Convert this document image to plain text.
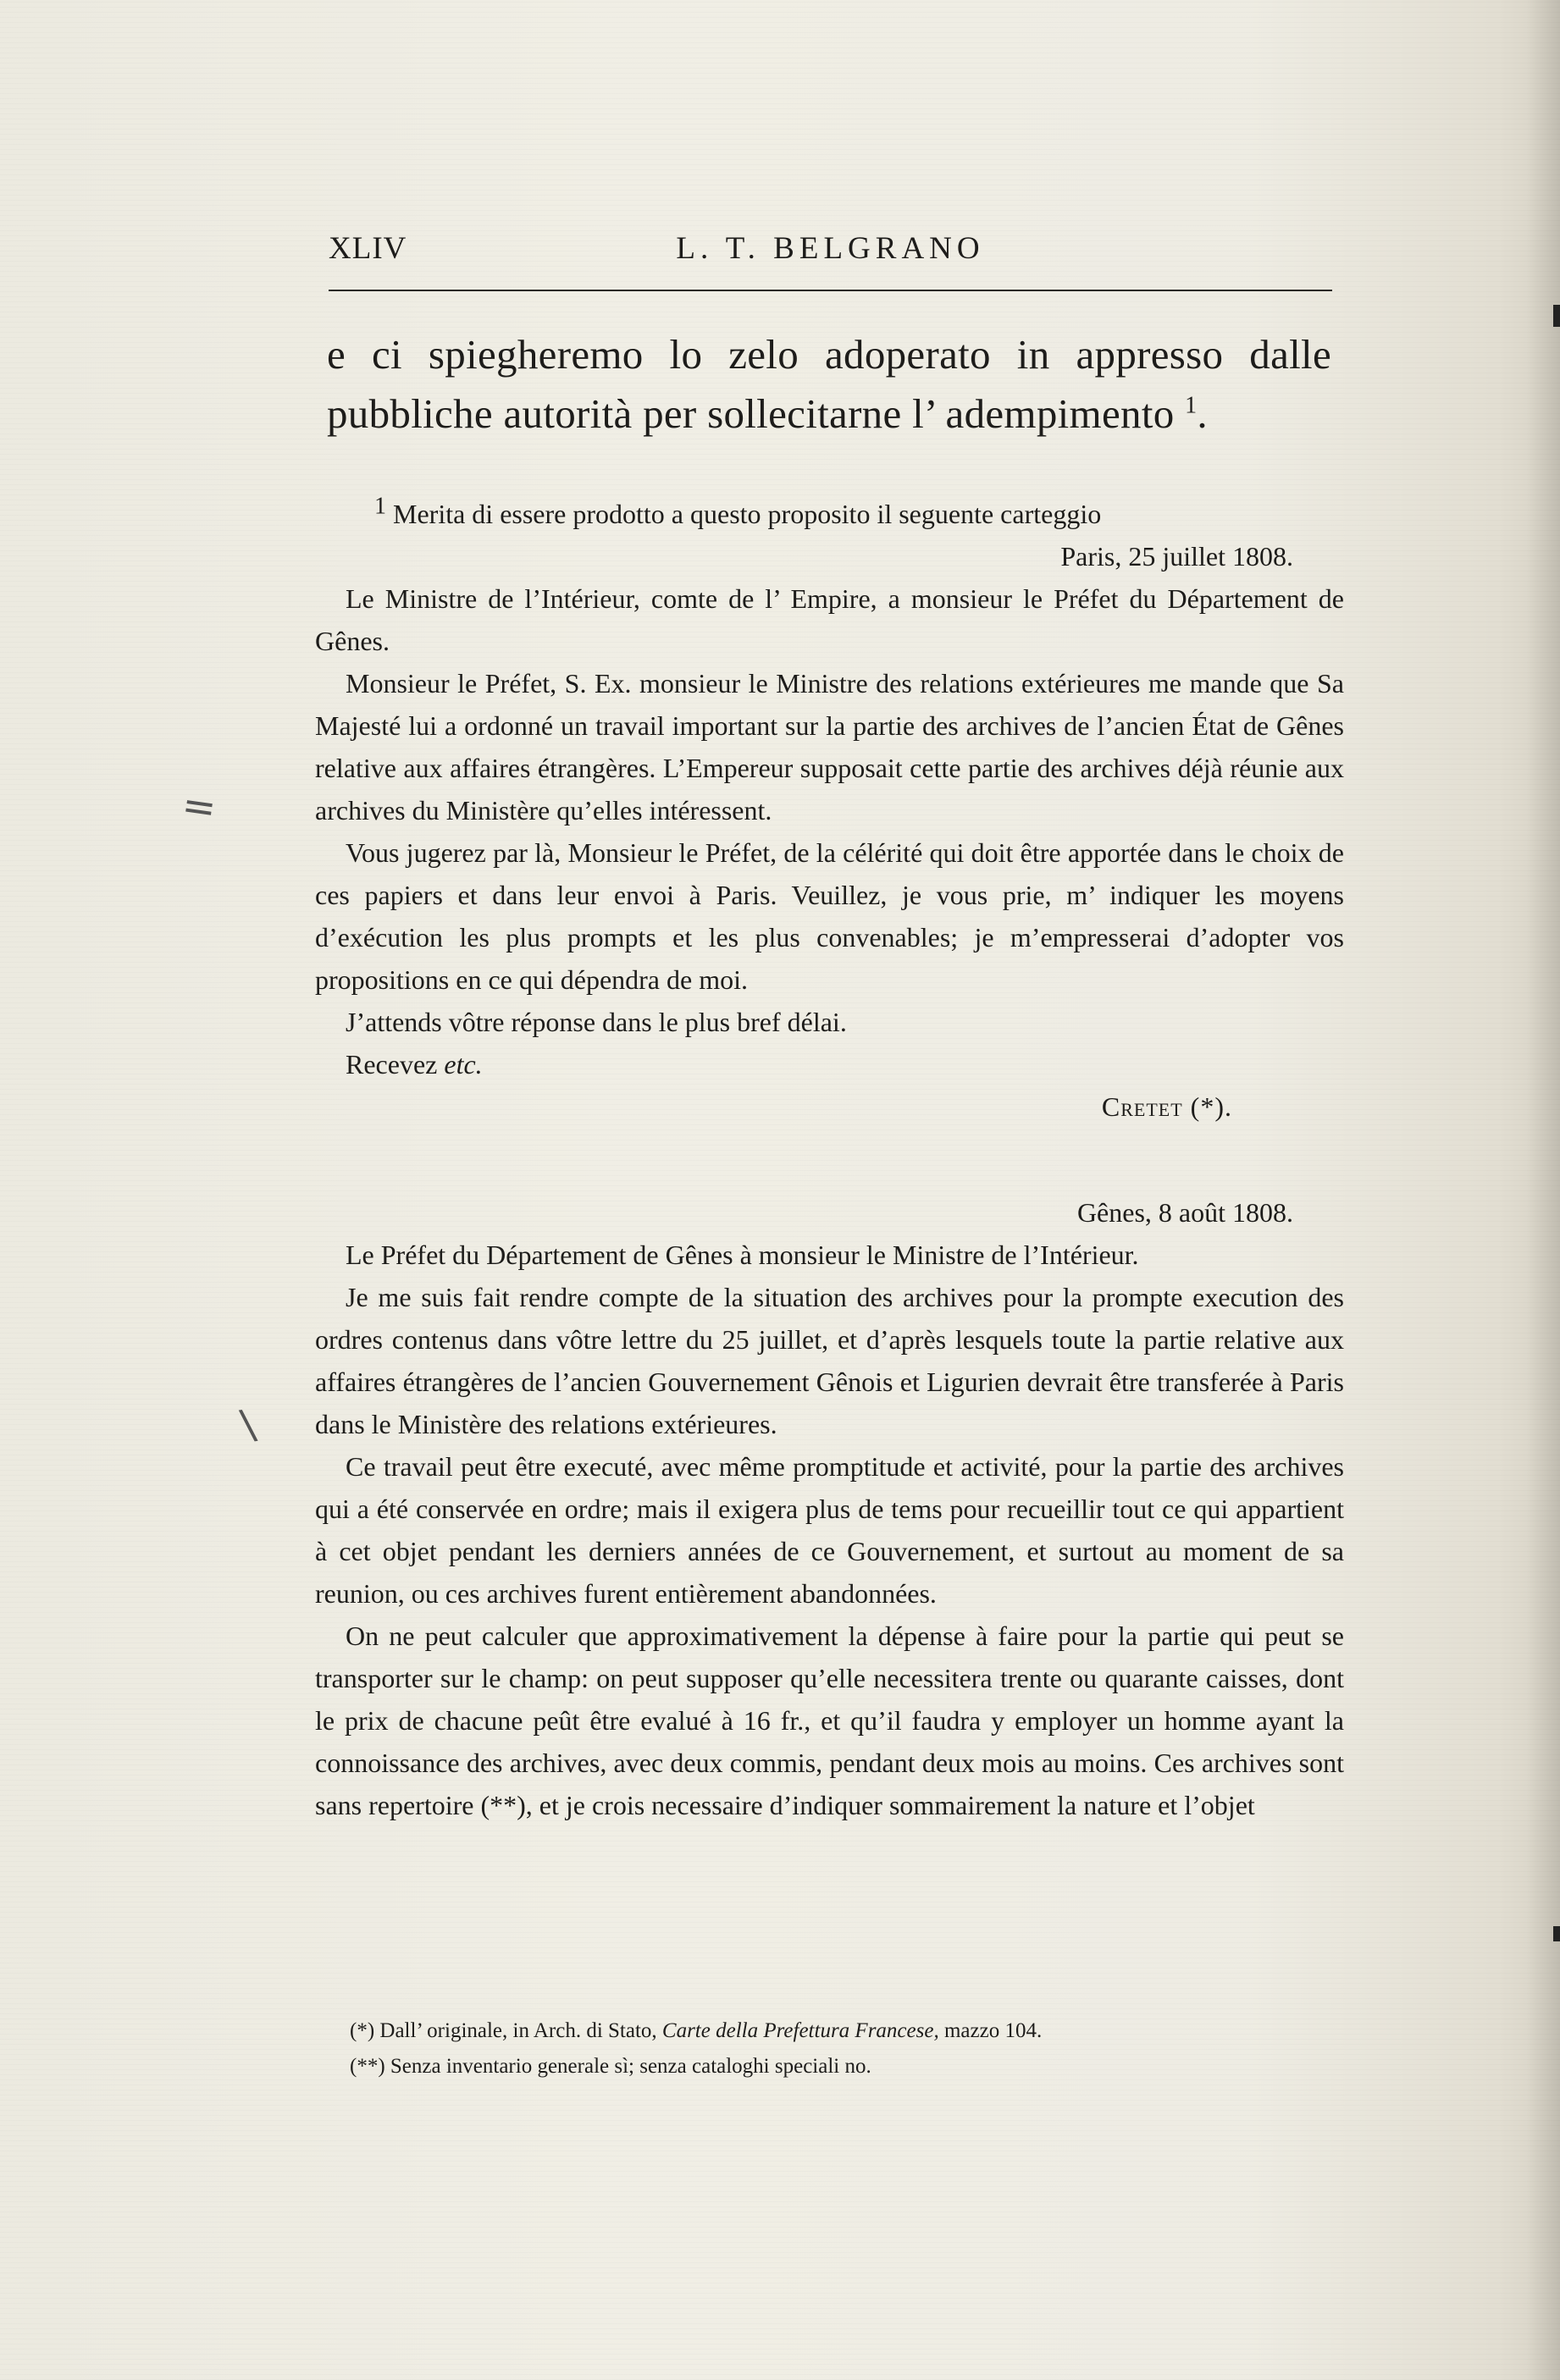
XLIV	L. T. BELGRANO
e ci spiegheremo lo zelo adoperato in appresso dalle
pubbliche autorità per sollecitarne l’ adempimento $^1$.
1 Merita di essere prodotto a questo proposito il seguente carteggio
Paris, 25 juillet 1808.

Le Ministre de l’Intérieur, comte de l’ Empire, a monsieur le Préfet du Département de Gênes.

Monsieur le Préfet, S. Ex. monsieur le Ministre des relations extérieures me mande que Sa Majesté lui a ordonné un travail important sur la partie des archives de l’ancien État de Gênes relative aux affaires étrangères. L’Empereur supposait cette partie des archives déjà réunie aux archives du Ministère qu’elles intéressent.

Vous jugerez par là, Monsieur le Préfet, de la célérité qui doit être apportée dans le choix de ces papiers et dans leur envoi à Paris. Veuillez, je vous prie, m’ indiquer les moyens d’exécution les plus prompts et les plus convenables; je m’empresserai d’adopter vos propositions en ce qui dépendra de moi.

J’attends vôtre réponse dans le plus bref délai.

Recevez etc.

Cretet (*).
Gênes, 8 août 1808.

Le Préfet du Département de Gênes à monsieur le Ministre de l’Intérieur.

Je me suis fait rendre compte de la situation des archives pour la prompte execution des ordres contenus dans vôtre lettre du 25 juillet, et d’après lesquels toute la partie relative aux affaires étrangères de l’ancien Gouvernement Gênois et Ligurien devrait être transferée à Paris dans le Ministère des relations extérieures.

Ce travail peut être executé, avec même promptitude et activité, pour la partie des archives qui a été conservée en ordre; mais il exigera plus de tems pour recueillir tout ce qui appartient à cet objet pendant les derniers années de ce Gouvernement, et surtout au moment de sa reunion, ou ces archives furent entièrement abandonnées.

On ne peut calculer que approximativement la dépense à faire pour la partie qui peut se transporter sur le champ: on peut supposer qu’elle necessitera trente ou quarante caisses, dont le prix de chacune peût être evalué à 16 fr., et qu’il faudra y employer un homme ayant la connoissance des archives, avec deux commis, pendant deux mois au moins. Ces archives sont sans repertoire (**), et je crois necessaire d’indiquer sommairement la nature et l’objet

(*) Dall’ originale, in Arch. di Stato, Carte della Prefettura Francese, mazzo 104.
(**) Senza inventario generale sì; senza cataloghi speciali no.
=
\
